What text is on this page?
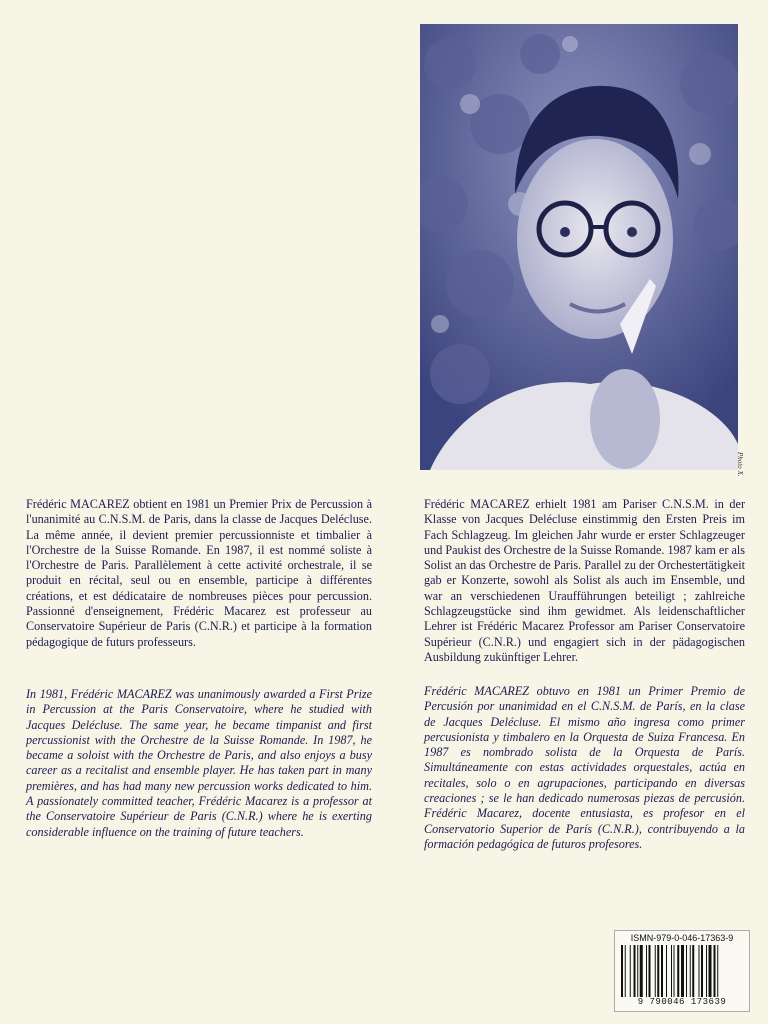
Photo X.

Frédéric MACAREZ obtient en 1981 un Premier Prix de Percussion à l'unanimité au C.N.S.M. de Paris, dans la classe de Jacques Delécluse. La même année, il devient premier percussionniste et timbalier à l'Orchestre de la Suisse Romande. En 1987, il est nommé soliste à l'Orchestre de Paris. Parallèlement à cette activité orchestrale, il se produit en récital, seul ou en ensemble, participe à différentes créations, et est dédicataire de nombreuses pièces pour percussion. Passionné d'enseignement, Frédéric Macarez est professeur au Conservatoire Supérieur de Paris (C.N.R.) et participe à la formation pédagogique de futurs professeurs.

In 1981, Frédéric MACAREZ was unanimously awarded a First Prize in Percussion at the Paris Conservatoire, where he studied with Jacques Delécluse. The same year, he became timpanist and first percussionist with the Orchestre de la Suisse Romande. In 1987, he became a soloist with the Orchestre de Paris, and also enjoys a busy career as a recitalist and ensemble player. He has taken part in many premières, and has had many new percussion works dedicated to him. A passionately committed teacher, Frédéric Macarez is a professor at the Conservatoire Supérieur de Paris (C.N.R.) where he is exerting considerable influence on the training of future teachers.

Frédéric MACAREZ erhielt 1981 am Pariser C.N.S.M. in der Klasse von Jacques Delécluse einstimmig den Ersten Preis im Fach Schlagzeug. Im gleichen Jahr wurde er erster Schlagzeuger und Paukist des Orchestre de la Suisse Romande. 1987 kam er als Solist an das Orchestre de Paris. Parallel zu der Orchestertätigkeit gab er Konzerte, sowohl als Solist als auch im Ensemble, und war an verschiedenen Uraufführungen beteiligt ; zahlreiche Schlagzeugstücke sind ihm gewidmet. Als leidenschaftlicher Lehrer ist Frédéric Macarez Professor am Pariser Conservatoire Supérieur (C.N.R.) und engagiert sich in der pädagogischen Ausbildung zukünftiger Lehrer.

Frédéric MACAREZ obtuvo en 1981 un Primer Premio de Percusión por unanimidad en el C.N.S.M. de París, en la clase de Jacques Delécluse. El mismo año ingresa como primer percusionista y timbalero en la Orquesta de Suiza Francesa. En 1987 es nombrado solista de la Orquesta de París. Simultáneamente con estas actividades orquestales, actúa en recitales, solo o en agrupaciones, participando en diversas creaciones ; se le han dedicado numerosas piezas de percusión. Frédéric Macarez, docente entusiasta, es profesor en el Conservatorio Superior de París (C.N.R.), contribuyendo a la formación pedagógica de futuros profesores.

ISMN-979-0-046-17363-9
9 790046 173639
